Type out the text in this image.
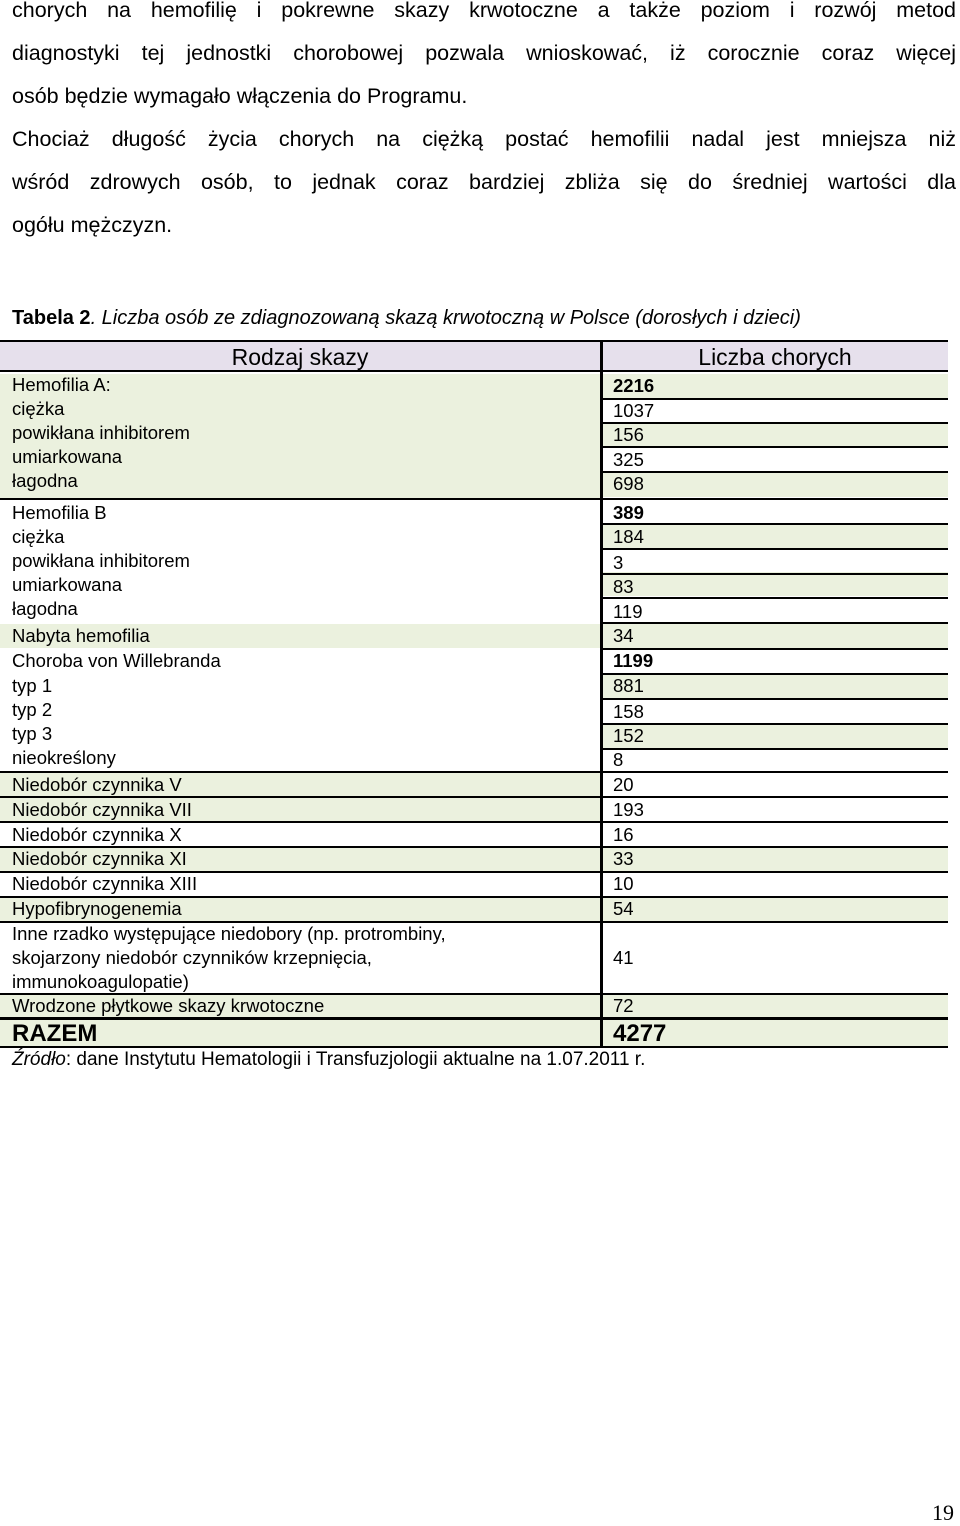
chorych na hemofilię i pokrewne skazy krwotoczne a także poziom i rozwój metod
diagnostyki tej jednostki chorobowej pozwala wnioskować, iż corocznie coraz więcej
osób będzie wymagało włączenia do Programu.
Chociaż długość życia chorych na ciężką postać hemofilii nadal jest mniejsza niż
wśród zdrowych osób, to jednak coraz bardziej zbliża się do średniej wartości dla
ogółu mężczyzn.
Tabela 2. Liczba osób ze zdiagnozowaną skazą krwotoczną w Polsce (dorosłych i dzieci)
Rodzaj skazy	Liczba chorych
Hemofilia A:	2216
ciężka	1037
powikłana inhibitorem	156
umiarkowana	325
łagodna	698
Hemofilia B	389
ciężka	184
powikłana inhibitorem	3
umiarkowana	83
łagodna	119
Nabyta hemofilia	34
Choroba von Willebranda	1199
typ 1	881
typ 2	158
typ 3	152
nieokreślony	8
Niedobór czynnika V	20
Niedobór czynnika VII	193
Niedobór czynnika X	16
Niedobór czynnika XI	33
Niedobór czynnika XIII	10
Hypofibrynogenemia	54
Inne rzadko występujące niedobory (np. protrombiny,
skojarzony niedobór czynników krzepnięcia,
immunokoagulopatie)
41
Wrodzone płytkowe skazy krwotoczne	72
RAZEM	4277
Źródło: dane Instytutu Hematologii i Transfuzjologii aktualne na 1.07.2011 r.
19
